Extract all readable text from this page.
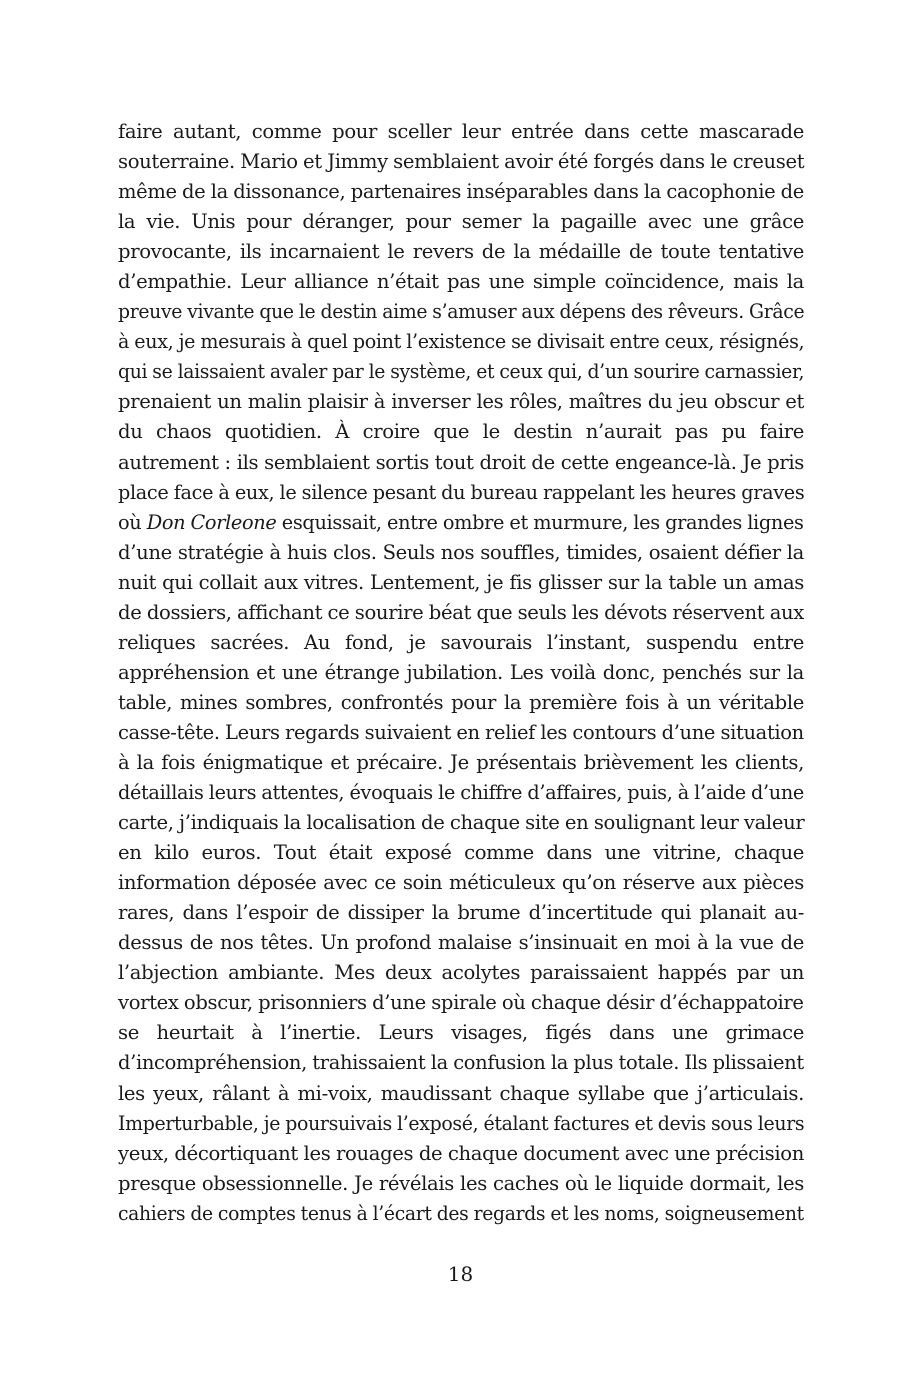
faire autant, comme pour sceller leur entrée dans cette mascarade
souterraine. Mario et Jimmy semblaient avoir été forgés dans le creuset
même de la dissonance, partenaires inséparables dans la cacophonie de
la vie. Unis pour déranger, pour semer la pagaille avec une grâce
provocante, ils incarnaient le revers de la médaille de toute tentative
d’empathie. Leur alliance n’était pas une simple coïncidence, mais la
preuve vivante que le destin aime s’amuser aux dépens des rêveurs. Grâce
à eux, je mesurais à quel point l’existence se divisait entre ceux, résignés,
qui se laissaient avaler par le système, et ceux qui, d’un sourire carnassier,
prenaient un malin plaisir à inverser les rôles, maîtres du jeu obscur et
du chaos quotidien. À croire que le destin n’aurait pas pu faire
autrement : ils semblaient sortis tout droit de cette engeance-là. Je pris
place face à eux, le silence pesant du bureau rappelant les heures graves
où Don Corleone esquissait, entre ombre et murmure, les grandes lignes
d’une stratégie à huis clos. Seuls nos souffles, timides, osaient défier la
nuit qui collait aux vitres. Lentement, je fis glisser sur la table un amas
de dossiers, affichant ce sourire béat que seuls les dévots réservent aux
reliques sacrées. Au fond, je savourais l’instant, suspendu entre
appréhension et une étrange jubilation. Les voilà donc, penchés sur la
table, mines sombres, confrontés pour la première fois à un véritable
casse-tête. Leurs regards suivaient en relief les contours d’une situation
à la fois énigmatique et précaire. Je présentais brièvement les clients,
détaillais leurs attentes, évoquais le chiffre d’affaires, puis, à l’aide d’une
carte, j’indiquais la localisation de chaque site en soulignant leur valeur
en kilo euros. Tout était exposé comme dans une vitrine, chaque
information déposée avec ce soin méticuleux qu’on réserve aux pièces
rares, dans l’espoir de dissiper la brume d’incertitude qui planait au-
dessus de nos têtes. Un profond malaise s’insinuait en moi à la vue de
l’abjection ambiante. Mes deux acolytes paraissaient happés par un
vortex obscur, prisonniers d’une spirale où chaque désir d’échappatoire
se heurtait à l’inertie. Leurs visages, figés dans une grimace
d’incompréhension, trahissaient la confusion la plus totale. Ils plissaient
les yeux, râlant à mi-voix, maudissant chaque syllabe que j’articulais.
Imperturbable, je poursuivais l’exposé, étalant factures et devis sous leurs
yeux, décortiquant les rouages de chaque document avec une précision
presque obsessionnelle. Je révélais les caches où le liquide dormait, les
cahiers de comptes tenus à l’écart des regards et les noms, soigneusement
18
